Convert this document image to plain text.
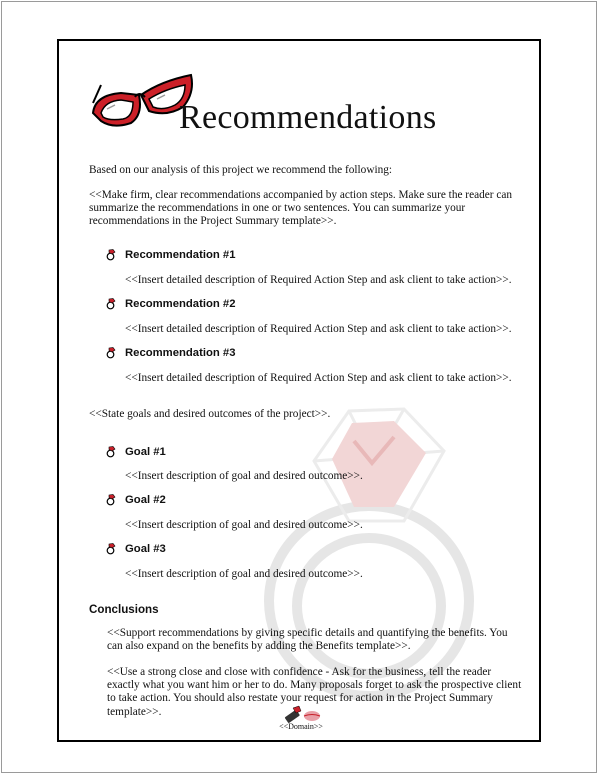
Recommendations
Based on our analysis of this project we recommend the following:
<<Make firm, clear recommendations accompanied by action steps. Make sure the reader can summarize the recommendations in one or two sentences. You can summarize your recommendations in the Project Summary template>>.
Recommendation #1
<<Insert detailed description of Required Action Step and ask client to take action>>.
Recommendation #2
<<Insert detailed description of Required Action Step and ask client to take action>>.
Recommendation #3
<<Insert detailed description of Required Action Step and ask client to take action>>.
<<State goals and desired outcomes of the project>>.
Goal #1
<<Insert description of goal and desired outcome>>.
Goal #2
<<Insert description of goal and desired outcome>>.
Goal #3
<<Insert description of goal and desired outcome>>.
Conclusions
<<Support recommendations by giving specific details and quantifying the benefits. You can also expand on the benefits by adding the Benefits template>>.
<<Use a strong close and close with confidence - Ask for the business, tell the reader exactly what you want him or her to do. Many proposals forget to ask the prospective client to take action. You should also restate your request for action in the Project Summary template>>.
<<Domain>>
